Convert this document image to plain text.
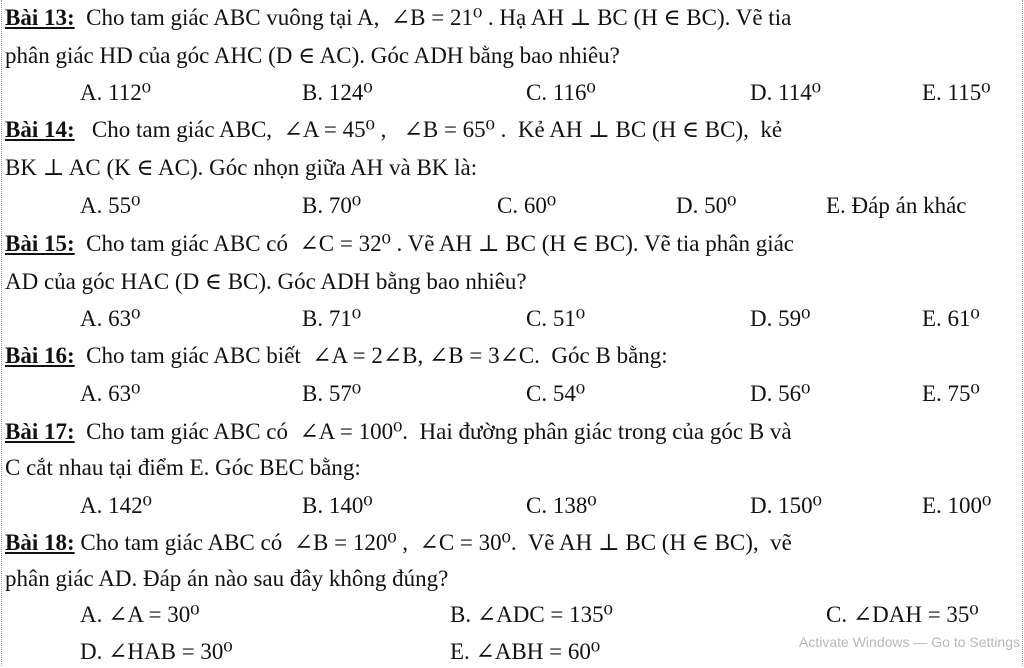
Bài 13:  Cho tam giác ABC vuông tại A,  ∠B = 21⁰ . Hạ AH ⊥ BC (H ∈ BC). Vẽ tia
phân giác HD của góc AHC (D ∈ AC). Góc ADH bằng bao nhiêu?
A. 112⁰	B. 124⁰	C. 116⁰	D. 114⁰	E. 115⁰
Bài 14:   Cho tam giác ABC,  ∠A = 45⁰ ,   ∠B = 65⁰ .  Kẻ AH ⊥ BC (H ∈ BC),  kẻ
BK ⊥ AC (K ∈ AC). Góc nhọn giữa AH và BK là:
A. 55⁰	B. 70⁰	C. 60⁰	D. 50⁰	E. Đáp án khác
Bài 15:  Cho tam giác ABC có  ∠C = 32⁰ . Vẽ AH ⊥ BC (H ∈ BC). Vẽ tia phân giác
AD của góc HAC (D ∈ BC). Góc ADH bằng bao nhiêu?
A. 63⁰	B. 71⁰	C. 51⁰	D. 59⁰	E. 61⁰
Bài 16:  Cho tam giác ABC biết  ∠A = 2∠B, ∠B = 3∠C.  Góc B bằng:
A. 63⁰	B. 57⁰	C. 54⁰	D. 56⁰	E. 75⁰
Bài 17:  Cho tam giác ABC có  ∠A = 100⁰.  Hai đường phân giác trong của góc B và
C cắt nhau tại điểm E. Góc BEC bằng:
A. 142⁰	B. 140⁰	C. 138⁰	D. 150⁰	E. 100⁰
Bài 18: Cho tam giác ABC có  ∠B = 120⁰ ,  ∠C = 30⁰.  Vẽ AH ⊥ BC (H ∈ BC),  vẽ
phân giác AD. Đáp án nào sau đây không đúng?
A. ∠A = 30⁰	B. ∠ADC = 135⁰	C. ∠DAH = 35⁰
D. ∠HAB = 30⁰	E. ∠ABH = 60⁰	Activate Windows — Go to Settings
